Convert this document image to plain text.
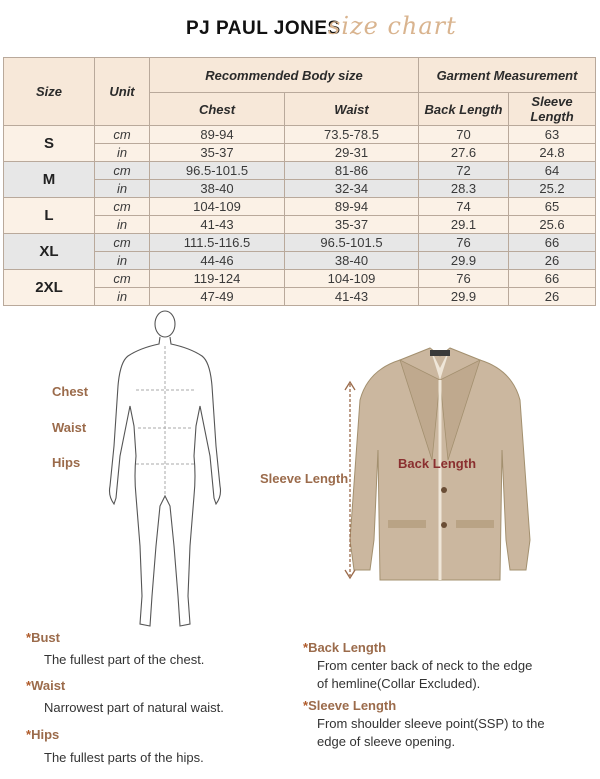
PJ PAUL JONES
size chart
Size	Unit	Recommended Body size		Garment Measurement	
		Chest	Waist	Back Length	Sleeve Length
S	cm	89-94	73.5-78.5	70	63
	in	35-37	29-31	27.6	24.8
M	cm	96.5-101.5	81-86	72	64
	in	38-40	32-34	28.3	25.2
L	cm	104-109	89-94	74	65
	in	41-43	35-37	29.1	25.6
XL	cm	111.5-116.5	96.5-101.5	76	66
	in	44-46	38-40	29.9	26
2XL	cm	119-124	104-109	76	66
	in	47-49	41-43	29.9	26
Chest
Waist
Hips
Sleeve Length
Back Length
*Bust
The fullest part of the chest.
*Waist
Narrowest part of natural waist.
*Hips
The fullest parts of the hips.
*Back Length
From center back of neck to the edge
of hemline(Collar Excluded).
*Sleeve Length
From shoulder sleeve point(SSP) to the
edge of sleeve opening.
